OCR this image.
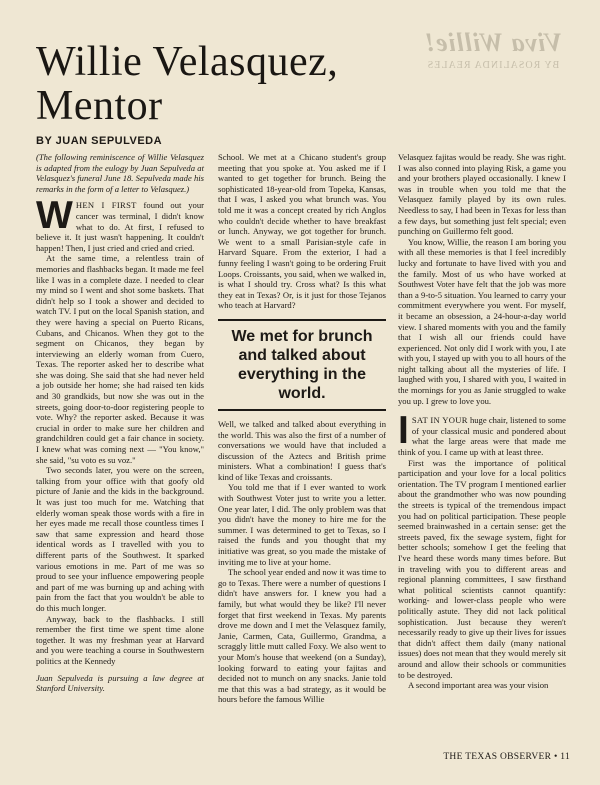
Viva Willie!
BY ROSALINDA REALES
Willie Velasquez, Mentor
BY JUAN SEPULVEDA

(The following reminiscence of Willie Velasquez is adapted from the eulogy by Juan Sepulveda at Velasquez's funeral June 18. Sepulveda made his remarks in the form of a letter to Velasquez.)

WHEN I FIRST found out your cancer was terminal, I didn't know what to do. At first, I refused to believe it. It just wasn't happening. It couldn't happen! Then, I just cried and cried and cried.

At the same time, a relentless train of memories and flashbacks began. It made me feel like I was in a complete daze. I needed to clear my mind so I went and shot some baskets. That didn't help so I took a shower and decided to watch TV. I put on the local Spanish station, and they were having a special on Puerto Ricans, Cubans, and Chicanos. When they got to the segment on Chicanos, they began by interviewing an elderly woman from Cuero, Texas. The reporter asked her to describe what she was doing. She said that she had never held a job outside her home; she had raised ten kids and 30 grandkids, but now she was out in the streets, going door-to-door registering people to vote. Why? the reporter asked. Because it was crucial in order to make sure her children and grandchildren could get a fair chance in society. I knew what was coming next — "You know," she said, "su voto es su voz."

Two seconds later, you were on the screen, talking from your office with that goofy old picture of Janie and the kids in the background. It was just too much for me. Watching that elderly woman speak those words with a fire in her eyes made me recall those countless times I saw that same expression and heard those identical words as I travelled with you to different parts of the Southwest. It sparked various emotions in me. Part of me was so proud to see your influence empowering people and part of me was burning up and aching with pain from the fact that you wouldn't be able to do this much longer.

Anyway, back to the flashbacks. I still remember the first time we spent time alone together. It was my freshman year at Harvard and you were teaching a course in Southwestern politics at the Kennedy

Juan Sepulveda is pursuing a law degree at Stanford University.

School. We met at a Chicano student's group meeting that you spoke at. You asked me if I wanted to get together for brunch. Being the sophisticated 18-year-old from Topeka, Kansas, that I was, I asked you what brunch was. You told me it was a concept created by rich Anglos who couldn't decide whether to have breakfast or lunch. Anyway, we got together for brunch. We went to a small Parisian-style cafe in Harvard Square. From the exterior, I had a funny feeling I wasn't going to be ordering Fruit Loops. Croissants, you said, when we walked in, is what I should try. Cross what? Is this what they eat in Texas? Or, is it just for those Tejanos who teach at Harvard?

We met for brunch and talked about everything in the world.

Well, we talked and talked about everything in the world. This was also the first of a number of conversations we would have that included a discussion of the Aztecs and British prime ministers. What a combination! I guess that's kind of like Texas and croissants.

You told me that if I ever wanted to work with Southwest Voter just to write you a letter. One year later, I did. The only problem was that you didn't have the money to hire me for the summer. I was determined to get to Texas, so I raised the funds and you thought that my initiative was great, so you made the mistake of inviting me to live at your home.

The school year ended and now it was time to go to Texas. There were a number of questions I didn't have answers for. I knew you had a family, but what would they be like? I'll never forget that first weekend in Texas. My parents drove me down and I met the Velasquez family, Janie, Carmen, Cata, Guillermo, Grandma, a scraggly little mutt called Foxy. We also went to your Mom's house that weekend (on a Sunday), looking forward to eating your fajitas and decided not to munch on any snacks. Janie told me that this was a bad strategy, as it would be hours before the famous Willie

Velasquez fajitas would be ready. She was right. I was also conned into playing Risk, a game you and your brothers played occasionally. I knew I was in trouble when you told me that the Velasquez family played by its own rules. Needless to say, I had been in Texas for less than a few days, but something just felt special; even punching on Guillermo felt good.

You know, Willie, the reason I am boring you with all these memories is that I feel incredibly lucky and fortunate to have lived with you and the family. Most of us who have worked at Southwest Voter have felt that the job was more than a 9-to-5 situation. You learned to carry your commitment everywhere you went. For myself, it became an obsession, a 24-hour-a-day world view. I shared moments with you and the family that I wish all our friends could have experienced. Not only did I work with you, I ate with you, I stayed up with you to all hours of the night talking about all the mysteries of life. I laughed with you, I shared with you, I waited in the mornings for you as Janie struggled to wake you up. I grew to love you.

ISAT IN YOUR huge chair, listened to some of your classical music and pondered about what the large areas were that made me think of you. I came up with at least three.

First was the importance of political participation and your love for a local politics orientation. The TV program I mentioned earlier about the grandmother who was now pounding the streets is typical of the tremendous impact you had on political participation. These people seemed brainwashed in a certain sense: get the streets paved, fix the sewage system, fight for better schools; somehow I get the feeling that I've heard these words many times before. But in traveling with you to different areas and regional planning committees, I saw firsthand what political scientists cannot quantify: working- and lower-class people who were politically astute. They did not lack political sophistication. Just because they weren't necessarily ready to give up their lives for issues that didn't affect them daily (many national issues) does not mean that they would merely sit around and allow their schools or communities to be destroyed.

A second important area was your vision

THE TEXAS OBSERVER • 11
